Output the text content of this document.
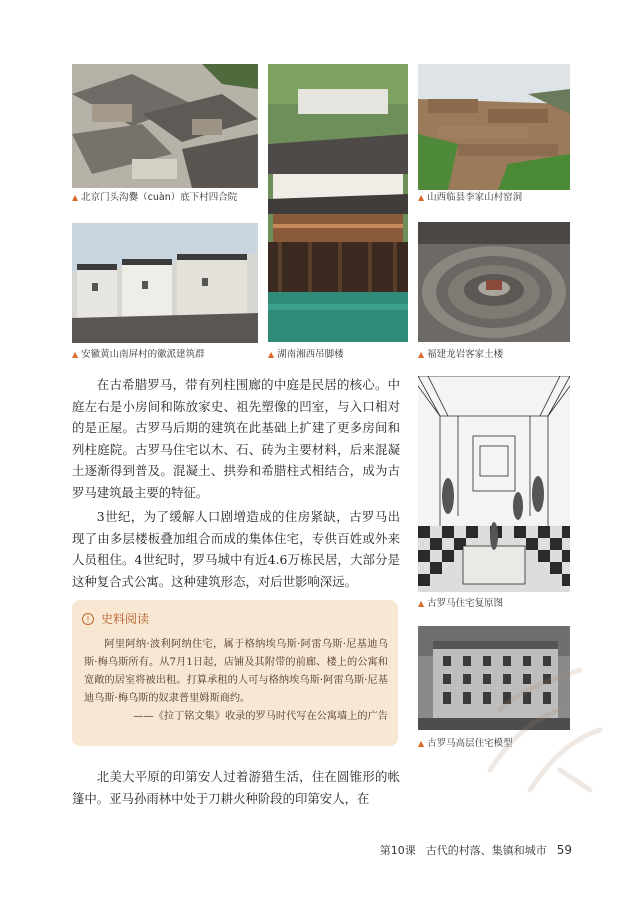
▲ 北京门头沟爨（cuàn）底下村四合院
▲ 湖南湘西吊脚楼
▲ 山西临县李家山村窑洞
▲ 安徽黄山南屏村的徽派建筑群	▲ 福建龙岩客家土楼

在古希腊罗马，带有列柱围廊的中庭是民居的核心。中庭左右是小房间和陈放家史、祖先塑像的凹室，与入口相对的是正屋。古罗马后期的建筑在此基础上扩建了更多房间和列柱庭院。古罗马住宅以木、石、砖为主要材料，后来混凝土逐渐得到普及。混凝土、拱券和希腊柱式相结合，成为古罗马建筑最主要的特征。

3世纪，为了缓解人口剧增造成的住房紧缺，古罗马出现了由多层楼板叠加组合而成的集体住宅，专供百姓或外来人员租住。4世纪时，罗马城中有近4.6万栋民居，大部分是这种复合式公寓。这种建筑形态，对后世影响深远。

▲ 古罗马住宅复原图
▲ 古罗马高层住宅模型
! 史料阅读

阿里阿纳·波利阿纳住宅，属于格纳埃乌斯·阿雷乌斯·尼基迪乌斯·梅乌斯所有。从7月1日起，店铺及其附带的前廊、楼上的公寓和宽敞的居室将被出租。打算承租的人可与格纳埃乌斯·阿雷乌斯·尼基迪乌斯·梅乌斯的奴隶普里姆斯商约。

——《拉丁铭文集》收录的罗马时代写在公寓墙上的广告

北美大平原的印第安人过着游猎生活，住在圆锥形的帐篷中。亚马孙雨林中处于刀耕火种阶段的印第安人，在

第10课 古代的村落、集镇和城市 59
